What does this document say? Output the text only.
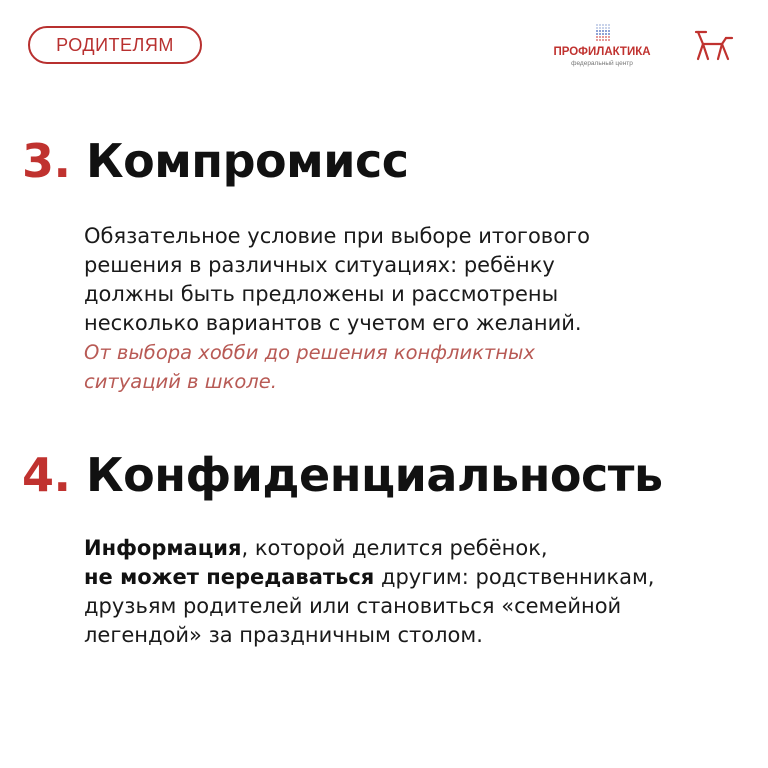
РОДИТЕЛЯМ	ПРОФИЛАКТИКА
федеральный центр
3. Компромисс
Обязательное условие при выборе итогового
решения в различных ситуациях: ребёнку
должны быть предложены и рассмотрены
несколько вариантов с учетом его желаний.
От выбора хобби до решения конфликтных
ситуаций в школе.
4. Конфиденциальность
Информация, которой делится ребёнок,
не может передаваться другим: родственникам,
друзьям родителей или становиться «семейной
легендой» за праздничным столом.
